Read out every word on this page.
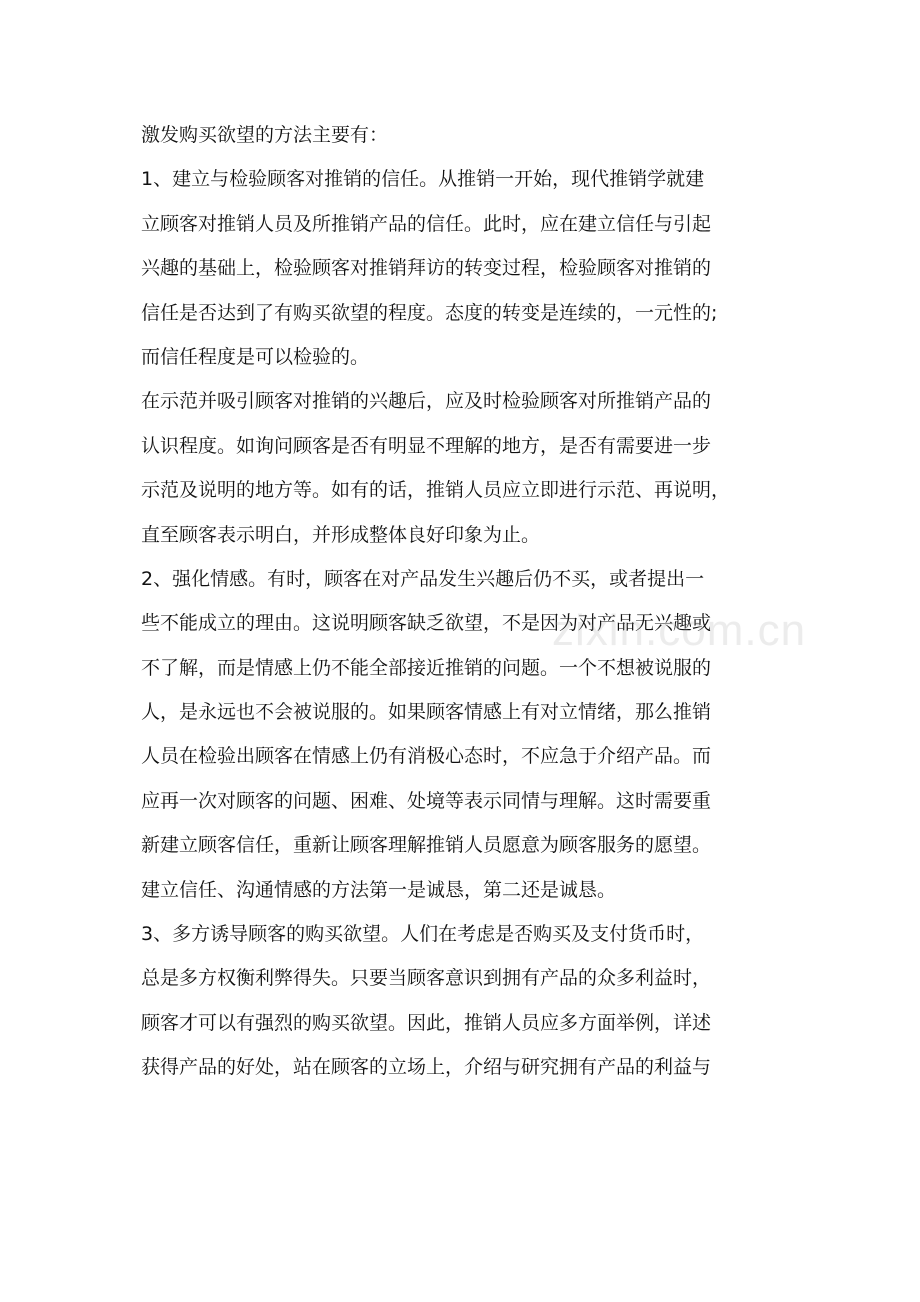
激发购买欲望的方法主要有：
1、建立与检验顾客对推销的信任。从推销一开始，现代推销学就建
立顾客对推销人员及所推销产品的信任。此时，应在建立信任与引起
兴趣的基础上，检验顾客对推销拜访的转变过程，检验顾客对推销的
信任是否达到了有购买欲望的程度。态度的转变是连续的，一元性的;
而信任程度是可以检验的。
在示范并吸引顾客对推销的兴趣后，应及时检验顾客对所推销产品的
认识程度。如询问顾客是否有明显不理解的地方，是否有需要进一步
示范及说明的地方等。如有的话，推销人员应立即进行示范、再说明，
直至顾客表示明白，并形成整体良好印象为止。
2、强化情感。有时，顾客在对产品发生兴趣后仍不买，或者提出一
些不能成立的理由。这说明顾客缺乏欲望，不是因为对产品无兴趣或
不了解，而是情感上仍不能全部接近推销的问题。一个不想被说服的
人，是永远也不会被说服的。如果顾客情感上有对立情绪，那么推销
人员在检验出顾客在情感上仍有消极心态时，不应急于介绍产品。而
应再一次对顾客的问题、困难、处境等表示同情与理解。这时需要重
新建立顾客信任，重新让顾客理解推销人员愿意为顾客服务的愿望。
建立信任、沟通情感的方法第一是诚恳，第二还是诚恳。
3、多方诱导顾客的购买欲望。人们在考虑是否购买及支付货币时，
总是多方权衡利弊得失。只要当顾客意识到拥有产品的众多利益时，
顾客才可以有强烈的购买欲望。因此，推销人员应多方面举例，详述
获得产品的好处，站在顾客的立场上，介绍与研究拥有产品的利益与
zixin.com.cn
